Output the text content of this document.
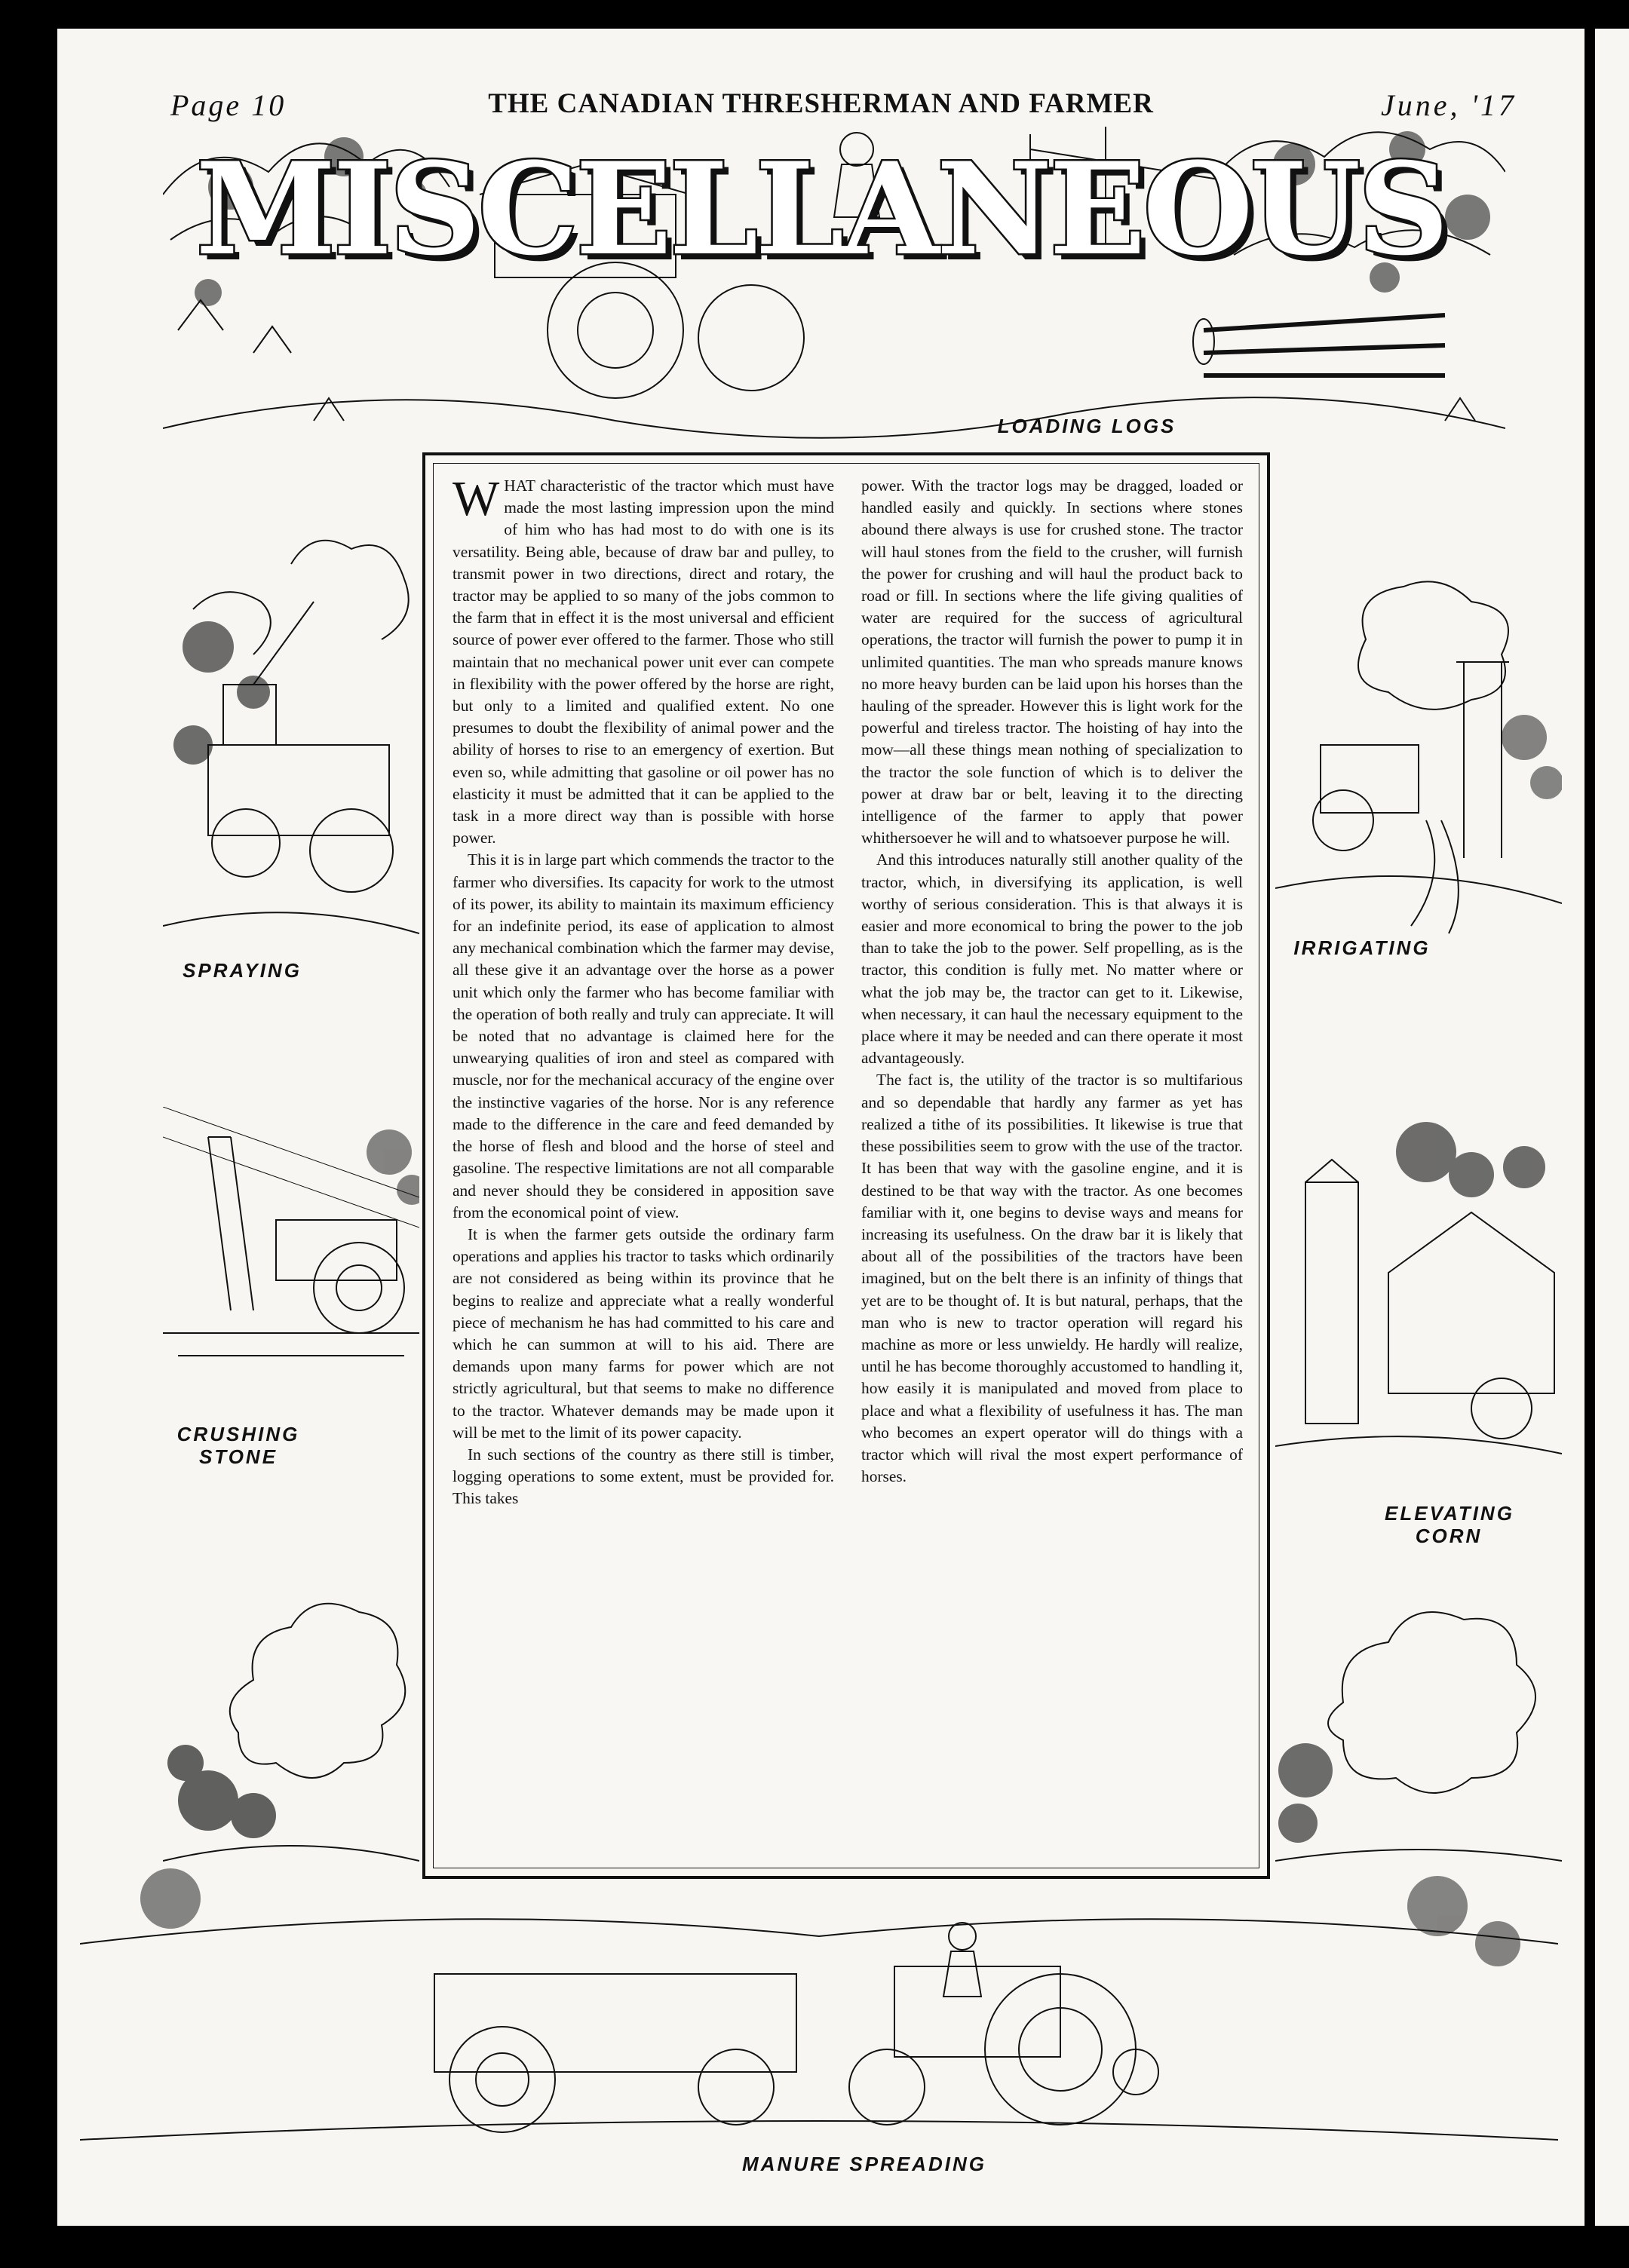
Page 10	THE CANADIAN THRESHERMAN AND FARMER	June, '17
MISCELLANEOUS
LOADING LOGS
SPRAYING
CRUSHING STONE
IRRIGATING
ELEVATING CORN
MANURE SPREADING

WHAT characteristic of the tractor which must have made the most lasting impression upon the mind of him who has had most to do with one is its versatility. Being able, because of draw bar and pulley, to transmit power in two directions, direct and rotary, the tractor may be applied to so many of the jobs common to the farm that in effect it is the most universal and efficient source of power ever offered to the farmer. Those who still maintain that no mechanical power unit ever can compete in flexibility with the power offered by the horse are right, but only to a limited and qualified extent. No one presumes to doubt the flexibility of animal power and the ability of horses to rise to an emergency of exertion. But even so, while admitting that gasoline or oil power has no elasticity it must be admitted that it can be applied to the task in a more direct way than is possible with horse power.

This it is in large part which commends the tractor to the farmer who diversifies. Its capacity for work to the utmost of its power, its ability to maintain its maximum efficiency for an indefinite period, its ease of application to almost any mechanical combination which the farmer may devise, all these give it an advantage over the horse as a power unit which only the farmer who has become familiar with the operation of both really and truly can appreciate. It will be noted that no advantage is claimed here for the unwearying qualities of iron and steel as compared with muscle, nor for the mechanical accuracy of the engine over the instinctive vagaries of the horse. Nor is any reference made to the difference in the care and feed demanded by the horse of flesh and blood and the horse of steel and gasoline. The respective limitations are not all comparable and never should they be considered in apposition save from the economical point of view.

It is when the farmer gets outside the ordinary farm operations and applies his tractor to tasks which ordinarily are not considered as being within its province that he begins to realize and appreciate what a really wonderful piece of mechanism he has had committed to his care and which he can summon at will to his aid. There are demands upon many farms for power which are not strictly agricultural, but that seems to make no difference to the tractor. Whatever demands may be made upon it will be met to the limit of its power capacity.

In such sections of the country as there still is timber, logging operations to some extent, must be provided for. This takes

power. With the tractor logs may be dragged, loaded or handled easily and quickly. In sections where stones abound there always is use for crushed stone. The tractor will haul stones from the field to the crusher, will furnish the power for crushing and will haul the product back to road or fill. In sections where the life giving qualities of water are required for the success of agricultural operations, the tractor will furnish the power to pump it in unlimited quantities. The man who spreads manure knows no more heavy burden can be laid upon his horses than the hauling of the spreader. However this is light work for the powerful and tireless tractor. The hoisting of hay into the mow—all these things mean nothing of specialization to the tractor the sole function of which is to deliver the power at draw bar or belt, leaving it to the directing intelligence of the farmer to apply that power whithersoever he will and to whatsoever purpose he will.

And this introduces naturally still another quality of the tractor, which, in diversifying its application, is well worthy of serious consideration. This is that always it is easier and more economical to bring the power to the job than to take the job to the power. Self propelling, as is the tractor, this condition is fully met. No matter where or what the job may be, the tractor can get to it. Likewise, when necessary, it can haul the necessary equipment to the place where it may be needed and can there operate it most advantageously.

The fact is, the utility of the tractor is so multifarious and so dependable that hardly any farmer as yet has realized a tithe of its possibilities. It likewise is true that these possibilities seem to grow with the use of the tractor. It has been that way with the gasoline engine, and it is destined to be that way with the tractor. As one becomes familiar with it, one begins to devise ways and means for increasing its usefulness. On the draw bar it is likely that about all of the possibilities of the tractors have been imagined, but on the belt there is an infinity of things that yet are to be thought of. It is but natural, perhaps, that the man who is new to tractor operation will regard his machine as more or less unwieldy. He hardly will realize, until he has become thoroughly accustomed to handling it, how easily it is manipulated and moved from place to place and what a flexibility of usefulness it has. The man who becomes an expert operator will do things with a tractor which will rival the most expert performance of horses.
